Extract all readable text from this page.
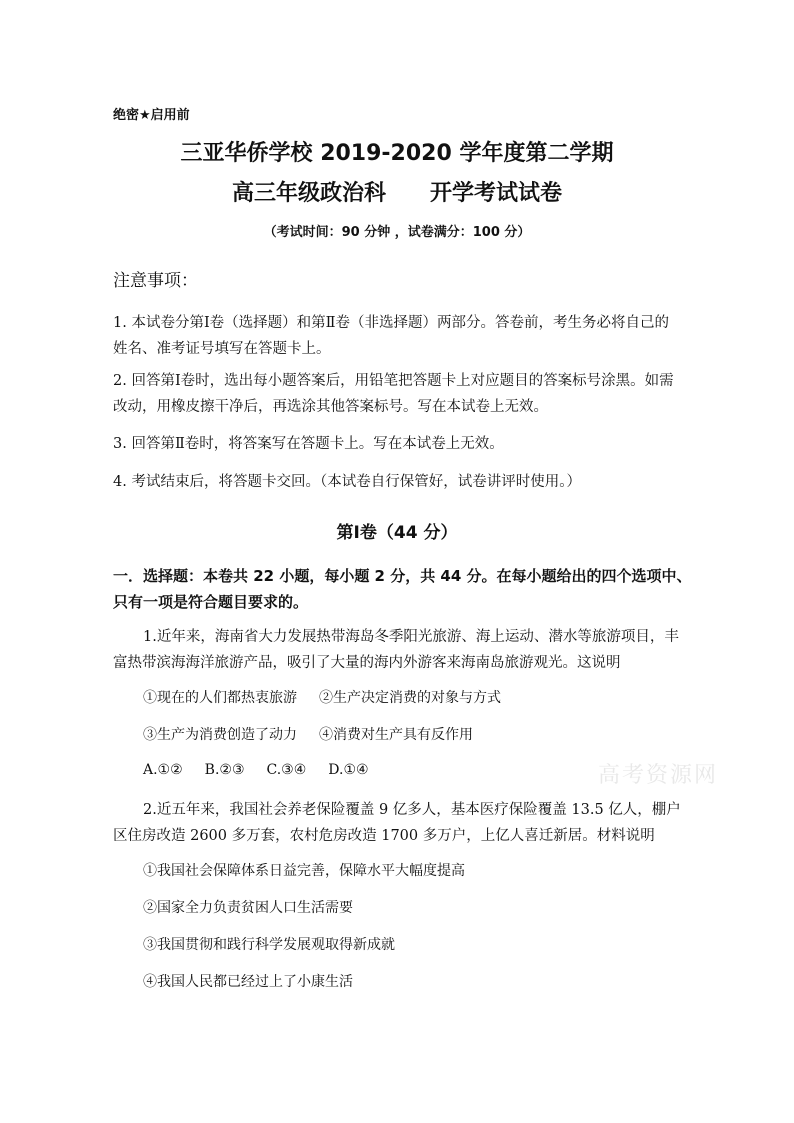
绝密★启用前
三亚华侨学校 2019-2020 学年度第二学期
高三年级政治科 开学考试试卷
（考试时间：90 分钟 ，试卷满分：100 分）
注意事项：
1. 本试卷分第Ⅰ卷（选择题）和第Ⅱ卷（非选择题）两部分。答卷前，考生务必将自己的姓名、准考证号填写在答题卡上。
2. 回答第Ⅰ卷时，选出每小题答案后，用铅笔把答题卡上对应题目的答案标号涂黑。如需改动，用橡皮擦干净后，再选涂其他答案标号。写在本试卷上无效。
3. 回答第Ⅱ卷时，将答案写在答题卡上。写在本试卷上无效。
4. 考试结束后，将答题卡交回。（本试卷自行保管好，试卷讲评时使用。）
第Ⅰ卷（44 分）
一．选择题：本卷共 22 小题，每小题 2 分，共 44 分。在每小题给出的四个选项中、只有一项是符合题目要求的。
1.近年来，海南省大力发展热带海岛冬季阳光旅游、海上运动、潜水等旅游项目，丰富热带滨海海洋旅游产品，吸引了大量的海内外游客来海南岛旅游观光。这说明
①现在的人们都热衷旅游 ②生产决定消费的对象与方式
③生产为消费创造了动力 ④消费对生产具有反作用
A.①② B.②③ C.③④ D.①④
2.近五年来，我国社会养老保险覆盖 9 亿多人，基本医疗保险覆盖 13.5 亿人，棚户区住房改造 2600 多万套，农村危房改造 1700 多万户，上亿人喜迁新居。材料说明
①我国社会保障体系日益完善，保障水平大幅度提高
②国家全力负责贫困人口生活需要
③我国贯彻和践行科学发展观取得新成就
④我国人民都已经过上了小康生活
高考资源网
